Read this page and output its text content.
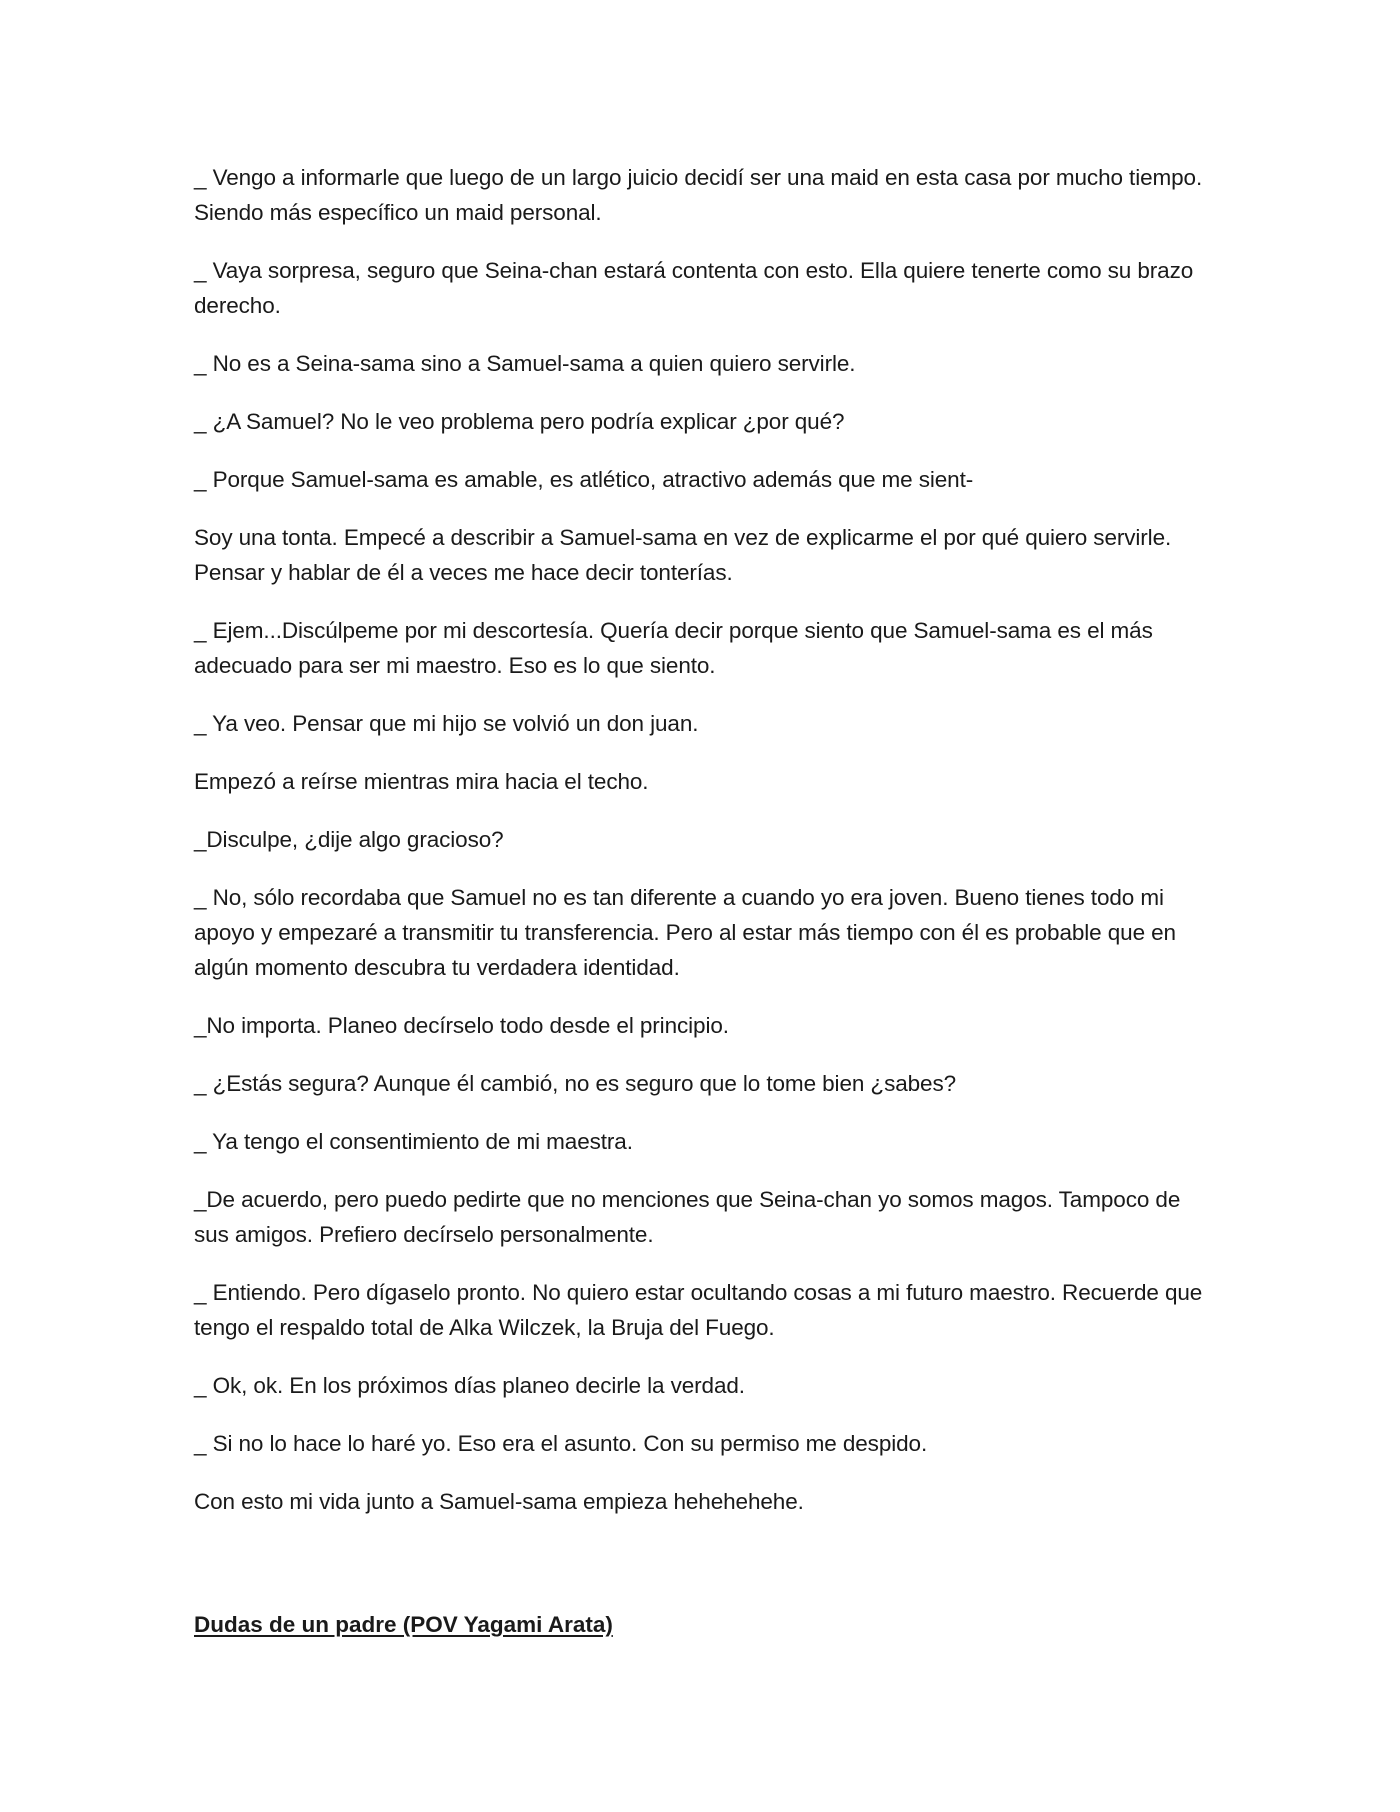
_ Vengo a informarle que luego de un largo juicio decidí ser una maid en esta casa por mucho tiempo. Siendo más específico un maid personal.

_ Vaya sorpresa, seguro que Seina-chan estará contenta con esto. Ella quiere tenerte como su brazo derecho.

_ No es a Seina-sama sino a Samuel-sama a quien quiero servirle.

_ ¿A Samuel? No le veo problema pero podría explicar ¿por qué?

_ Porque Samuel-sama es amable, es atlético, atractivo además que me sient-

Soy una tonta. Empecé a describir a Samuel-sama en vez de explicarme el por qué quiero servirle. Pensar y hablar de él a veces me hace decir tonterías.

_ Ejem...Discúlpeme por mi descortesía. Quería decir porque siento que Samuel-sama es el más adecuado para ser mi maestro. Eso es lo que siento.

_ Ya veo. Pensar que mi hijo se volvió un don juan.

Empezó a reírse mientras mira hacia el techo.

_Disculpe, ¿dije algo gracioso?

_ No, sólo recordaba que Samuel no es tan diferente a cuando yo era joven. Bueno tienes todo mi apoyo y empezaré a transmitir tu transferencia. Pero al estar más tiempo con él es probable que en algún momento descubra tu verdadera identidad.

_No importa. Planeo decírselo todo desde el principio.

_ ¿Estás segura? Aunque él cambió, no es seguro que lo tome bien ¿sabes?

_ Ya tengo el consentimiento de mi maestra.

_De acuerdo, pero puedo pedirte que no menciones que Seina-chan yo somos magos. Tampoco de sus amigos. Prefiero decírselo personalmente.

_ Entiendo. Pero dígaselo pronto. No quiero estar ocultando cosas a mi futuro maestro. Recuerde que tengo el respaldo total de Alka Wilczek, la Bruja del Fuego.

_ Ok, ok. En los próximos días planeo decirle la verdad.

_ Si no lo hace lo haré yo. Eso era el asunto. Con su permiso me despido.

Con esto mi vida junto a Samuel-sama empieza hehehehehe.

Dudas de un padre (POV Yagami Arata)
